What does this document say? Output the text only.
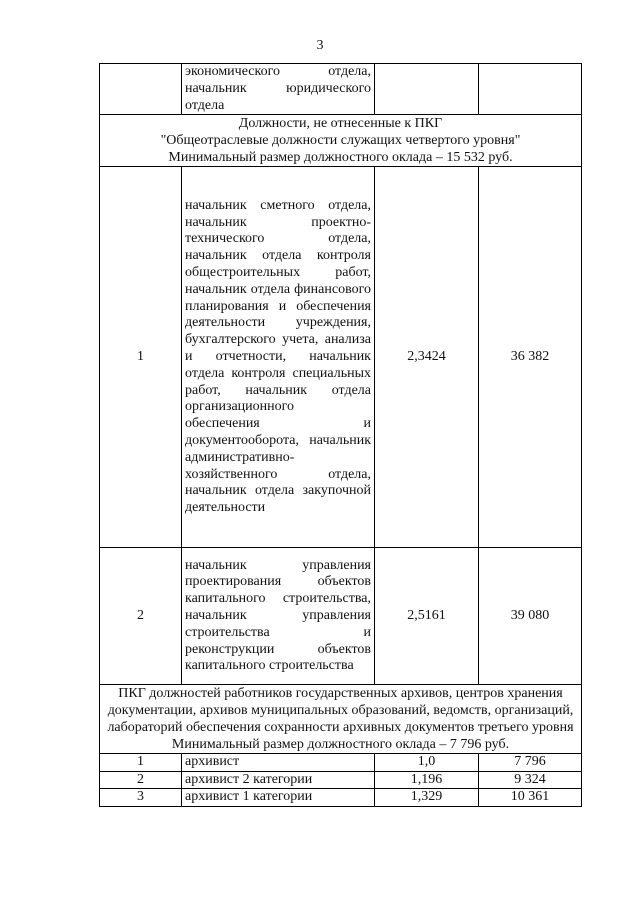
3
	экономического отдела, начальник юридического отдела		

Должности, не отнесенные к ПКГ
"Общеотраслевые должности служащих четвертого уровня"
Минимальный размер должностного оклада – 15 532 руб.			

1	начальник сметного отдела, начальник проектно-технического отдела, начальник отдела контроля общестроительных работ, начальник отдела финансового планирования и обеспечения деятельности учреждения, бухгалтерского учета, анализа и отчетности, начальник отдела контроля специальных работ, начальник отдела организационного обеспечения и документооборота, начальник административно-хозяйственного отдела, начальник отдела закупочной деятельности	2,3424	36 382
2	начальник управления проектирования объектов капитального строительства, начальник управления строительства и реконструкции объектов капитального строительства	2,5161	39 080

ПКГ должностей работников государственных архивов, центров хранения документации, архивов муниципальных образований, ведомств, организаций, лабораторий обеспечения сохранности архивных документов третьего уровня
Минимальный размер должностного оклада – 7 796 руб.			

1	архивист	1,0	7 796
2	архивист 2 категории	1,196	9 324
3	архивист 1 категории	1,329	10 361
